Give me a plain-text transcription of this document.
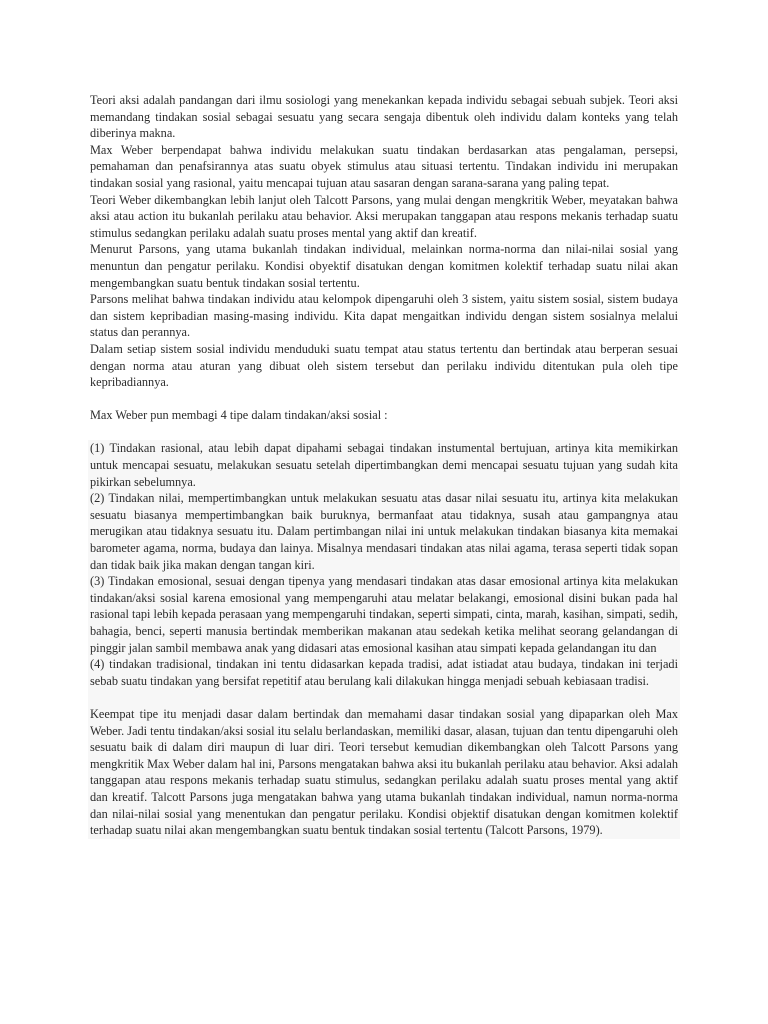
Teori aksi adalah pandangan dari ilmu sosiologi yang menekankan kepada individu sebagai sebuah subjek. Teori aksi memandang tindakan sosial sebagai sesuatu yang secara sengaja dibentuk oleh individu dalam konteks yang telah diberinya makna.

Max Weber berpendapat bahwa individu melakukan suatu tindakan berdasarkan atas pengalaman, persepsi, pemahaman dan penafsirannya atas suatu obyek stimulus atau situasi tertentu. Tindakan individu ini merupakan tindakan sosial yang rasional, yaitu mencapai tujuan atau sasaran dengan sarana-sarana yang paling tepat.

Teori Weber dikembangkan lebih lanjut oleh Talcott Parsons, yang mulai dengan mengkritik Weber, meyatakan bahwa aksi atau action itu bukanlah perilaku atau behavior. Aksi merupakan tanggapan atau respons mekanis terhadap suatu stimulus sedangkan perilaku adalah suatu proses mental yang aktif dan kreatif.

Menurut Parsons, yang utama bukanlah tindakan individual, melainkan norma-norma dan nilai-nilai sosial yang menuntun dan pengatur perilaku. Kondisi obyektif disatukan dengan komitmen kolektif terhadap suatu nilai akan mengembangkan suatu bentuk tindakan sosial tertentu.

Parsons melihat bahwa tindakan individu atau kelompok dipengaruhi oleh 3 sistem, yaitu sistem sosial, sistem budaya dan sistem kepribadian masing-masing individu. Kita dapat mengaitkan individu dengan sistem sosialnya melalui status dan perannya.

Dalam setiap sistem sosial individu menduduki suatu tempat atau status tertentu dan bertindak atau berperan sesuai dengan norma atau aturan yang dibuat oleh sistem tersebut dan perilaku individu ditentukan pula oleh tipe kepribadiannya.

Max Weber pun membagi 4 tipe dalam tindakan/aksi sosial :

(1) Tindakan rasional, atau lebih dapat dipahami sebagai tindakan instumental bertujuan, artinya kita memikirkan untuk mencapai sesuatu, melakukan sesuatu setelah dipertimbangkan demi mencapai sesuatu tujuan yang sudah kita pikirkan sebelumnya.

(2) Tindakan nilai, mempertimbangkan untuk melakukan sesuatu atas dasar nilai sesuatu itu, artinya kita melakukan sesuatu biasanya mempertimbangkan baik buruknya, bermanfaat atau tidaknya, susah atau gampangnya atau merugikan atau tidaknya sesuatu itu. Dalam pertimbangan nilai ini untuk melakukan tindakan biasanya kita memakai barometer agama, norma, budaya dan lainya. Misalnya mendasari tindakan atas nilai agama, terasa seperti tidak sopan dan tidak baik jika makan dengan tangan kiri.

(3) Tindakan emosional, sesuai dengan tipenya yang mendasari tindakan atas dasar emosional artinya kita melakukan tindakan/aksi sosial karena emosional yang mempengaruhi atau melatar belakangi, emosional disini bukan pada hal rasional tapi lebih kepada perasaan yang mempengaruhi tindakan, seperti simpati, cinta, marah, kasihan, simpati, sedih, bahagia, benci, seperti manusia bertindak memberikan makanan atau sedekah ketika melihat seorang gelandangan di pinggir jalan sambil membawa anak yang didasari atas emosional kasihan atau simpati kepada gelandangan itu dan

(4) tindakan tradisional, tindakan ini tentu didasarkan kepada tradisi, adat istiadat atau budaya, tindakan ini terjadi sebab suatu tindakan yang bersifat repetitif atau berulang kali dilakukan hingga menjadi sebuah kebiasaan tradisi.

Keempat tipe itu menjadi dasar dalam bertindak dan memahami dasar tindakan sosial yang dipaparkan oleh Max Weber. Jadi tentu tindakan/aksi sosial itu selalu berlandaskan, memiliki dasar, alasan, tujuan dan tentu dipengaruhi oleh sesuatu baik di dalam diri maupun di luar diri. Teori tersebut kemudian dikembangkan oleh Talcott Parsons yang mengkritik Max Weber dalam hal ini, Parsons mengatakan bahwa aksi itu bukanlah perilaku atau behavior. Aksi adalah tanggapan atau respons mekanis terhadap suatu stimulus, sedangkan perilaku adalah suatu proses mental yang aktif dan kreatif. Talcott Parsons juga mengatakan bahwa yang utama bukanlah tindakan individual, namun norma-norma dan nilai-nilai sosial yang menentukan dan pengatur perilaku. Kondisi objektif disatukan dengan komitmen kolektif terhadap suatu nilai akan mengembangkan suatu bentuk tindakan sosial tertentu (Talcott Parsons, 1979).
